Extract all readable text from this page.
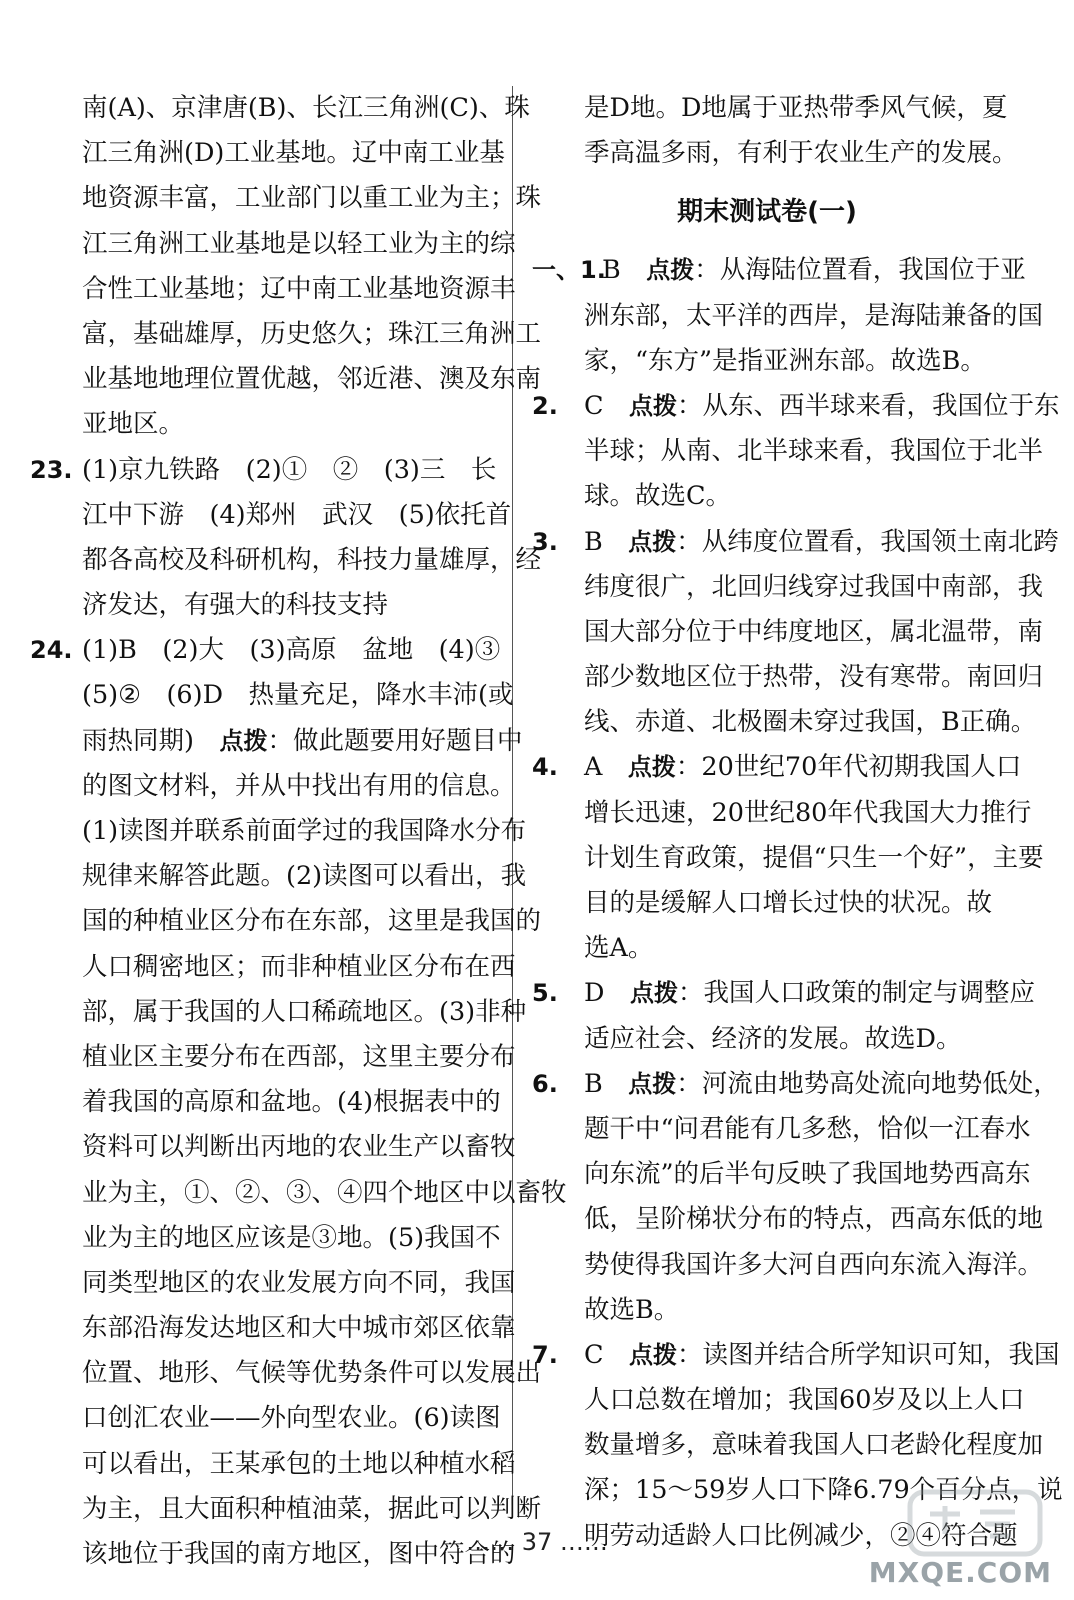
南(A)、京津唐(B)、长江三角洲(C)、珠
江三角洲(D)工业基地。辽中南工业基
地资源丰富，工业部门以重工业为主；珠
江三角洲工业基地是以轻工业为主的综
合性工业基地；辽中南工业基地资源丰
富，基础雄厚，历史悠久；珠江三角洲工
业基地地理位置优越，邻近港、澳及东南
亚地区。
23. (1)京九铁路　(2)①　②　(3)三　长
江中下游　(4)郑州　武汉　(5)依托首
都各高校及科研机构，科技力量雄厚，经
济发达，有强大的科技支持
24. (1)B　(2)大　(3)高原　盆地　(4)③
(5)②　(6)D　热量充足，降水丰沛(或
雨热同期)　点拨：做此题要用好题目中
的图文材料，并从中找出有用的信息。
(1)读图并联系前面学过的我国降水分布
规律来解答此题。(2)读图可以看出，我
国的种植业区分布在东部，这里是我国的
人口稠密地区；而非种植业区分布在西
部，属于我国的人口稀疏地区。(3)非种
植业区主要分布在西部，这里主要分布
着我国的高原和盆地。(4)根据表中的
资料可以判断出丙地的农业生产以畜牧
业为主，①、②、③、④四个地区中以畜牧
业为主的地区应该是③地。(5)我国不
同类型地区的农业发展方向不同，我国
东部沿海发达地区和大中城市郊区依靠
位置、地形、气候等优势条件可以发展出
口创汇农业——外向型农业。(6)读图
可以看出，王某承包的土地以种植水稻
为主，且大面积种植油菜，据此可以判断
该地位于我国的南方地区，图中符合的
是D地。D地属于亚热带季风气候，夏
季高温多雨，有利于农业生产的发展。
期末测试卷(一)
一、1.B　点拨：从海陆位置看，我国位于亚
洲东部，太平洋的西岸，是海陆兼备的国
家，“东方”是指亚洲东部。故选B。
2. C　点拨：从东、西半球来看，我国位于东
半球；从南、北半球来看，我国位于北半
球。故选C。
3. B　点拨：从纬度位置看，我国领土南北跨
纬度很广，北回归线穿过我国中南部，我
国大部分位于中纬度地区，属北温带，南
部少数地区位于热带，没有寒带。南回归
线、赤道、北极圈未穿过我国，B正确。
4. A　点拨：20世纪70年代初期我国人口
增长迅速，20世纪80年代我国大力推行
计划生育政策，提倡“只生一个好”，主要
目的是缓解人口增长过快的状况。故
选A。
5. D　点拨：我国人口政策的制定与调整应
适应社会、经济的发展。故选D。
6. B　点拨：河流由地势高处流向地势低处，
题干中“问君能有几多愁，恰似一江春水
向东流”的后半句反映了我国地势西高东
低，呈阶梯状分布的特点，西高东低的地
势使得我国许多大河自西向东流入海洋。
故选B。
7. C　点拨：读图并结合所学知识可知，我国
人口总数在增加；我国60岁及以上人口
数量增多，意味着我国人口老龄化程度加
深；15～59岁人口下降6.79个百分点，说
明劳动适龄人口比例减少，②④符合题
…… 37 ……
MXQE.COM
